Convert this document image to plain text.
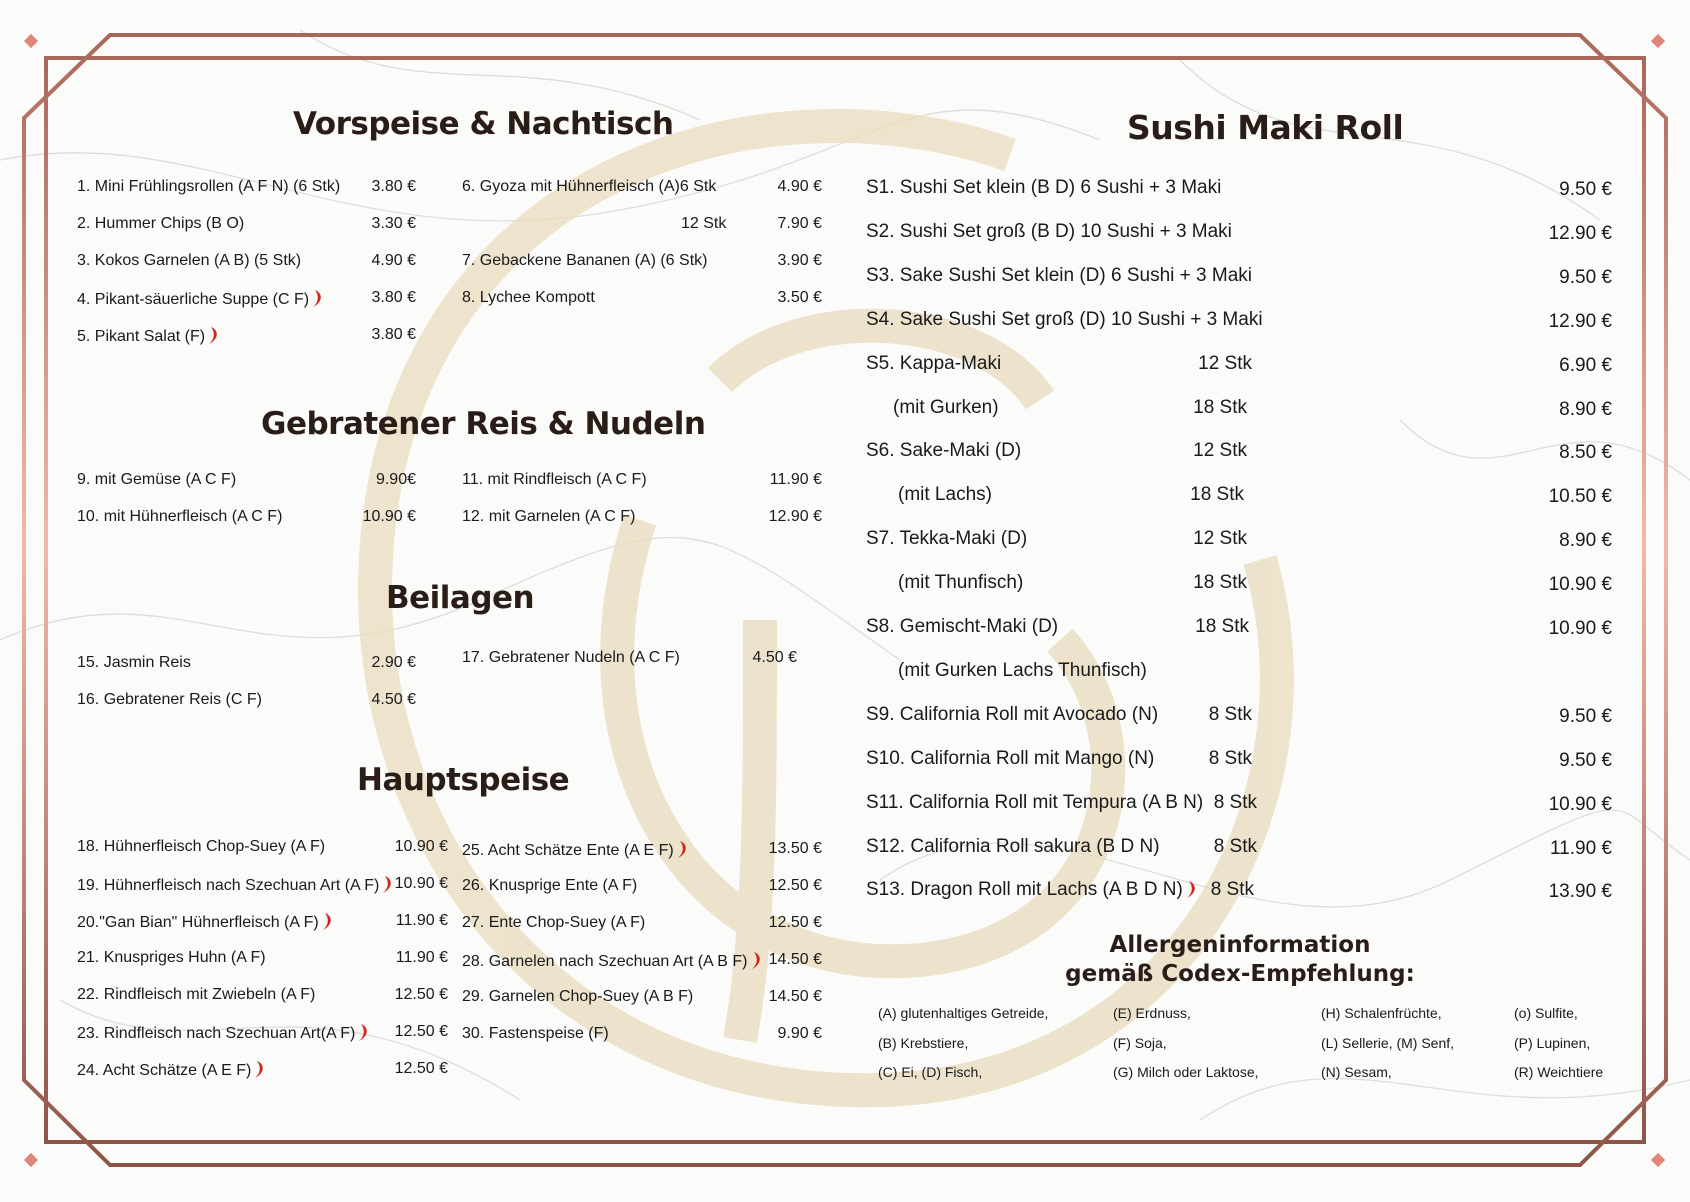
Vorspeise & Nachtisch
Gebratener Reis & Nudeln
Beilagen
Hauptspeise
Sushi Maki Roll
1. Mini Frühlingsrollen (A F N) (6 Stk)	3.80 €
2. Hummer Chips (B O)	3.30 €
3. Kokos Garnelen (A B) (5 Stk)	4.90 €
4. Pikant-säuerliche Suppe (C F)	3.80 €
5. Pikant Salat (F)	3.80 €
6. Gyoza mit Hühnerfleisch (A)6 Stk	4.90 €
12 Stk	7.90 €
7. Gebackene Bananen (A) (6 Stk)	3.90 €
8. Lychee Kompott	3.50 €
9. mit Gemüse (A C F)	9.90€
10. mit Hühnerfleisch (A C F)	10.90 €
11. mit Rindfleisch (A C F)	11.90 €
12. mit Garnelen (A C F)	12.90 €
15. Jasmin Reis	2.90 €
16. Gebratener Reis (C F)	4.50 €
17. Gebratener Nudeln (A C F)	4.50 €
18. Hühnerfleisch Chop-Suey (A F)	10.90 €
19. Hühnerfleisch nach Szechuan Art (A F) 10.90 €
20."Gan Bian" Hühnerfleisch (A F)	11.90 €
21. Knuspriges Huhn (A F)	11.90 €
22. Rindfleisch mit Zwiebeln (A F)	12.50 €
23. Rindfleisch nach Szechuan Art(A F)	12.50 €
24. Acht Schätze (A E F)	12.50 €
25. Acht Schätze Ente (A E F)	13.50 €
26. Knusprige Ente (A F)	12.50 €
27. Ente Chop-Suey (A F)	12.50 €
28. Garnelen nach Szechuan Art (A B F)	14.50 €
29. Garnelen Chop-Suey (A B F)	14.50 €
30. Fastenspeise (F)	9.90 €
S1. Sushi Set klein (B D) 6 Sushi + 3 Maki	9.50 €
S2. Sushi Set groß (B D) 10 Sushi + 3 Maki	12.90 €
S3. Sake Sushi Set klein (D) 6 Sushi + 3 Maki	9.50 €
S4. Sake Sushi Set groß (D) 10 Sushi + 3 Maki	12.90 €
S5. Kappa-Maki	12 Stk	6.90 €
(mit Gurken)	18 Stk	8.90 €
S6. Sake-Maki (D)	12 Stk	8.50 €
(mit Lachs)	18 Stk	10.50 €
S7. Tekka-Maki (D)	12 Stk	8.90 €
(mit Thunfisch)	18 Stk	10.90 €
S8. Gemischt-Maki (D)	18 Stk	10.90 €
(mit Gurken Lachs Thunfisch)
S9. California Roll mit Avocado (N)	8 Stk	9.50 €
S10. California Roll mit Mango (N)	8 Stk	9.50 €
S11. California Roll mit Tempura (A B N) 8 Stk	10.90 €
S12. California Roll sakura (B D N)	8 Stk	11.90 €
S13. Dragon Roll mit Lachs (A B D N)	8 Stk	13.90 €
Allergeninformation
gemäß Codex-Empfehlung:
(A) glutenhaltiges Getreide,
(B) Krebstiere,
(C) Ei, (D) Fisch,
(E) Erdnuss,
(F) Soja,
(G) Milch oder Laktose,
(H) Schalenfrüchte,
(L) Sellerie, (M) Senf,
(N) Sesam,
(o) Sulfite,
(P) Lupinen,
(R) Weichtiere
